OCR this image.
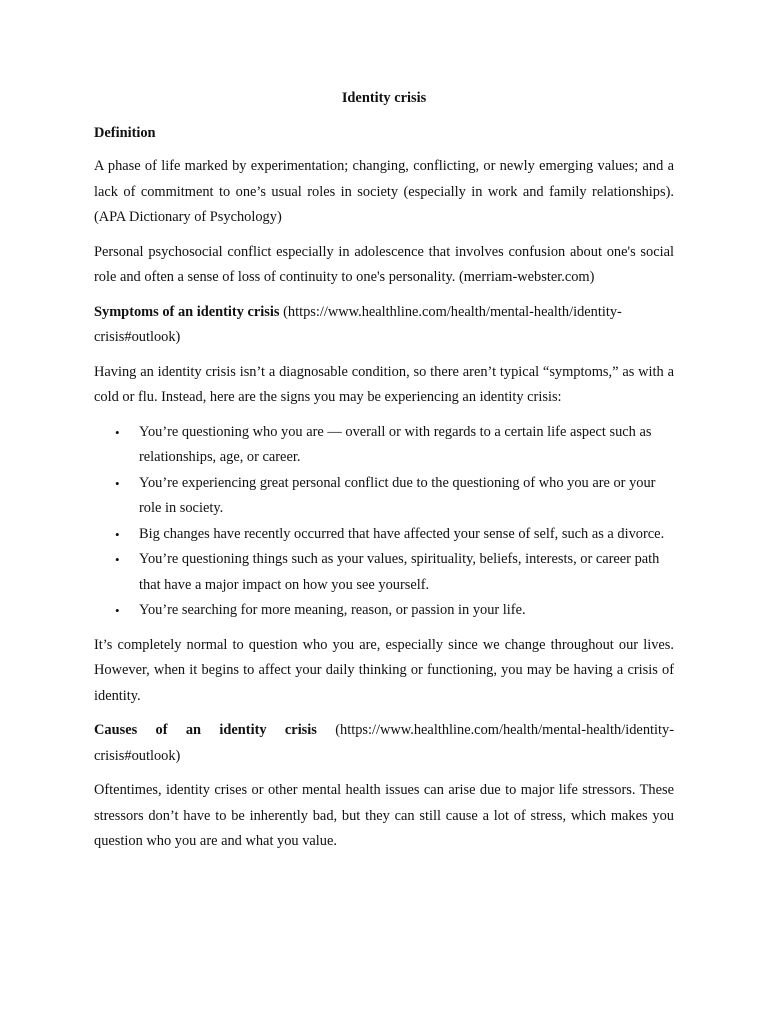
Identity crisis
Definition

A phase of life marked by experimentation; changing, conflicting, or newly emerging values; and a lack of commitment to one’s usual roles in society (especially in work and family relationships). (APA Dictionary of Psychology)

Personal psychosocial conflict especially in adolescence that involves confusion about one's social role and often a sense of loss of continuity to one's personality. (merriam-webster.com)

Symptoms of an identity crisis (https://www.healthline.com/health/mental-health/identity-crisis#outlook)

Having an identity crisis isn’t a diagnosable condition, so there aren’t typical “symptoms,” as with a cold or flu. Instead, here are the signs you may be experiencing an identity crisis:

• You’re questioning who you are — overall or with regards to a certain life aspect such as relationships, age, or career.
• You’re experiencing great personal conflict due to the questioning of who you are or your role in society.
• Big changes have recently occurred that have affected your sense of self, such as a divorce.
• You’re questioning things such as your values, spirituality, beliefs, interests, or career path that have a major impact on how you see yourself.
• You’re searching for more meaning, reason, or passion in your life.

It’s completely normal to question who you are, especially since we change throughout our lives. However, when it begins to affect your daily thinking or functioning, you may be having a crisis of identity.

Causes of an identity crisis (https://www.healthline.com/health/mental-health/identity-crisis#outlook)

Oftentimes, identity crises or other mental health issues can arise due to major life stressors. These stressors don’t have to be inherently bad, but they can still cause a lot of stress, which makes you question who you are and what you value.
